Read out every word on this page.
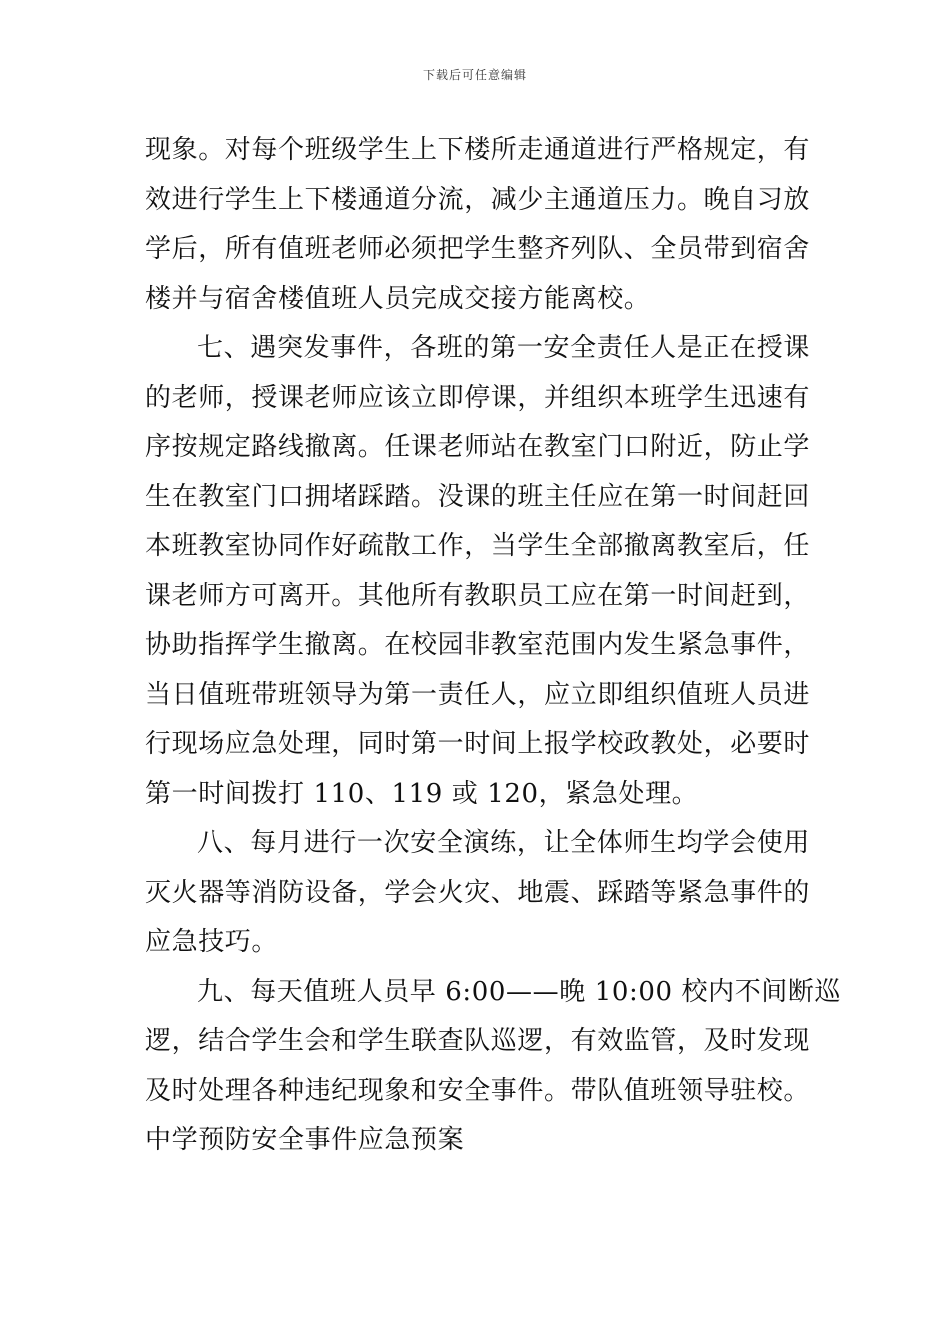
下载后可任意编辑
现象。对每个班级学生上下楼所走通道进行严格规定，有
效进行学生上下楼通道分流，减少主通道压力。晚自习放
学后，所有值班老师必须把学生整齐列队、全员带到宿舍
楼并与宿舍楼值班人员完成交接方能离校。
七、遇突发事件，各班的第一安全责任人是正在授课
的老师，授课老师应该立即停课，并组织本班学生迅速有
序按规定路线撤离。任课老师站在教室门口附近，防止学
生在教室门口拥堵踩踏。没课的班主任应在第一时间赶回
本班教室协同作好疏散工作，当学生全部撤离教室后，任
课老师方可离开。其他所有教职员工应在第一时间赶到，
协助指挥学生撤离。在校园非教室范围内发生紧急事件，
当日值班带班领导为第一责任人，应立即组织值班人员进
行现场应急处理，同时第一时间上报学校政教处，必要时
第一时间拨打 110、119 或 120，紧急处理。
八、每月进行一次安全演练，让全体师生均学会使用
灭火器等消防设备，学会火灾、地震、踩踏等紧急事件的
应急技巧。
九、每天值班人员早 6:00——晚 10:00 校内不间断巡
逻，结合学生会和学生联查队巡逻，有效监管，及时发现
及时处理各种违纪现象和安全事件。带队值班领导驻校。
中学预防安全事件应急预案
